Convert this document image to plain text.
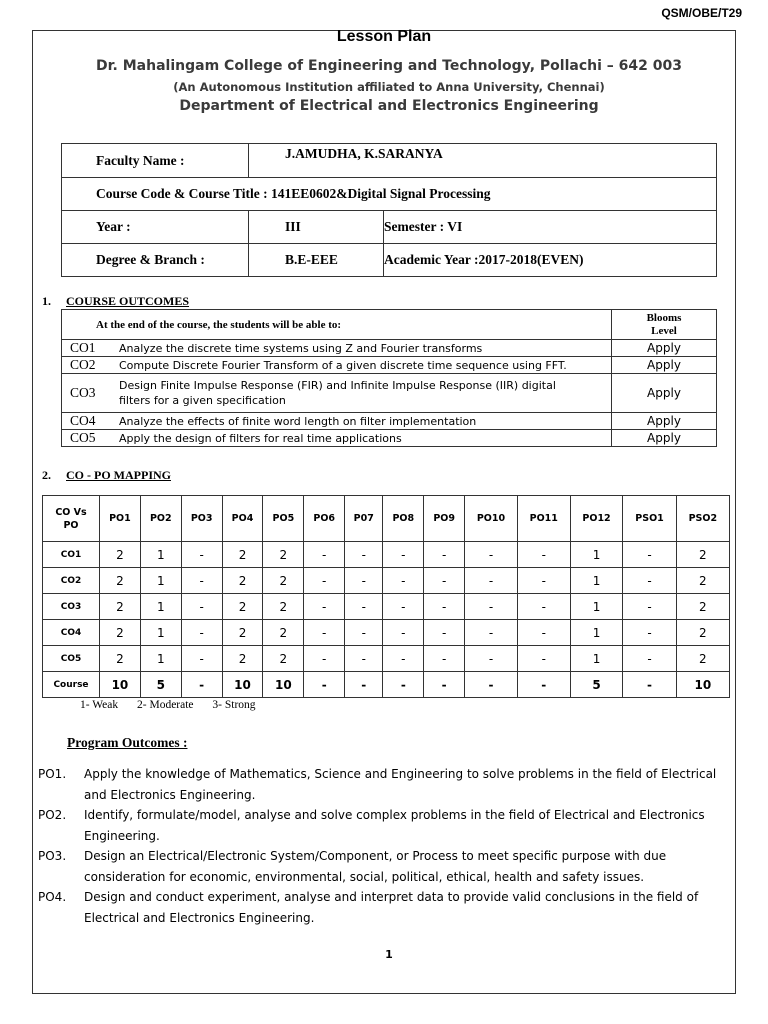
QSM/OBE/T29
Lesson Plan
Dr. Mahalingam College of Engineering and Technology, Pollachi – 642 003
(An Autonomous Institution affiliated to Anna University, Chennai)
Department of Electrical and Electronics Engineering
Faculty Name :	J.AMUDHA, K.SARANYA	
Course Code & Course Title : 141EE0602&Digital Signal Processing		
Year :	III	Semester : VI
Degree & Branch :	B.E-EEE	Academic Year :2017-2018(EVEN)
1. COURSE OUTCOMES
At the end of the course, the students will be able to:		Blooms
Level

CO1	Analyze the discrete time systems using Z and Fourier transforms	Apply
CO2	Compute Discrete Fourier Transform of a given discrete time sequence using FFT.	Apply
CO3	Design Finite Impulse Response (FIR) and Infinite Impulse Response (IIR) digital filters for a given specification	Apply
CO4	Analyze the effects of finite word length on filter implementation	Apply
CO5	Apply the design of filters for real time applications	Apply
2. CO - PO MAPPING
CO Vs
PO	PO1	PO2	PO3	PO4	PO5	PO6	P07	PO8	PO9	PO10	PO11	PO12	PSO1	PSO2
CO1	2	1	-	2	2	-	-	-	-	-	-	1	-	2
CO2	2	1	-	2	2	-	-	-	-	-	-	1	-	2
CO3	2	1	-	2	2	-	-	-	-	-	-	1	-	2
CO4	2	1	-	2	2	-	-	-	-	-	-	1	-	2
CO5	2	1	-	2	2	-	-	-	-	-	-	1	-	2
Course	10	5	-	10	10	-	-	-	-	-	-	5	-	10
1- Weak 2- Moderate 3- Strong
Program Outcomes :
PO1. Apply the knowledge of Mathematics, Science and Engineering to solve problems in the field of Electrical and Electronics Engineering.
PO2. Identify, formulate/model, analyse and solve complex problems in the field of Electrical and Electronics Engineering.
PO3. Design an Electrical/Electronic System/Component, or Process to meet specific purpose with due consideration for economic, environmental, social, political, ethical, health and safety issues.
PO4. Design and conduct experiment, analyse and interpret data to provide valid conclusions in the field of Electrical and Electronics Engineering.
1
